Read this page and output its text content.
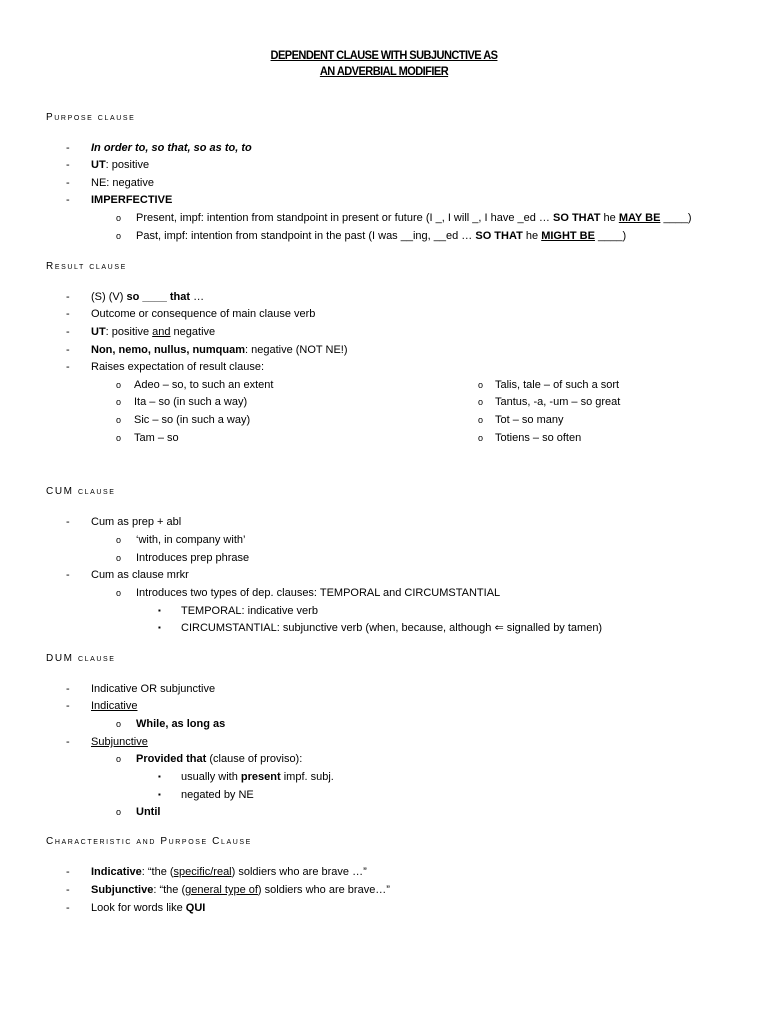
DEPENDENT CLAUSE WITH SUBJUNCTIVE AS
AN ADVERBIAL MODIFIER
Purpose clause
- In order to, so that, so as to, to
- UT: positive
- NE: negative
- IMPERFECTIVE
o Present, impf: intention from standpoint in present or future (I _, I will _, I have _ed … SO THAT he MAY BE ____)
o Past, impf: intention from standpoint in the past (I was __ing, __ed … SO THAT he MIGHT BE ____)
Result clause
- (S) (V) so ____ that …
- Outcome or consequence of main clause verb
- UT: positive and negative
- Non, nemo, nullus, numquam: negative (NOT NE!)
- Raises expectation of result clause:
o Adeo – so, to such an extent
o Ita – so (in such a way)
o Sic – so (in such a way)
o Tam – so
o Talis, tale – of such a sort
o Tantus, -a, -um – so great
o Tot – so many
o Totiens – so often
CUM clause
- Cum as prep + abl
o ‘with, in company with’
o Introduces prep phrase
- Cum as clause mrkr
o Introduces two types of dep. clauses: TEMPORAL and CIRCUMSTANTIAL
▪ TEMPORAL: indicative verb
▪ CIRCUMSTANTIAL: subjunctive verb (when, because, although ⇐ signalled by tamen)
DUM clause
- Indicative OR subjunctive
- Indicative
o While, as long as
- Subjunctive
o Provided that (clause of proviso):
▪ usually with present impf. subj.
▪ negated by NE
o Until
Characteristic and Purpose Clause
- Indicative: “the (specific/real) soldiers who are brave …”
- Subjunctive: “the (general type of) soldiers who are brave…”
- Look for words like QUI
